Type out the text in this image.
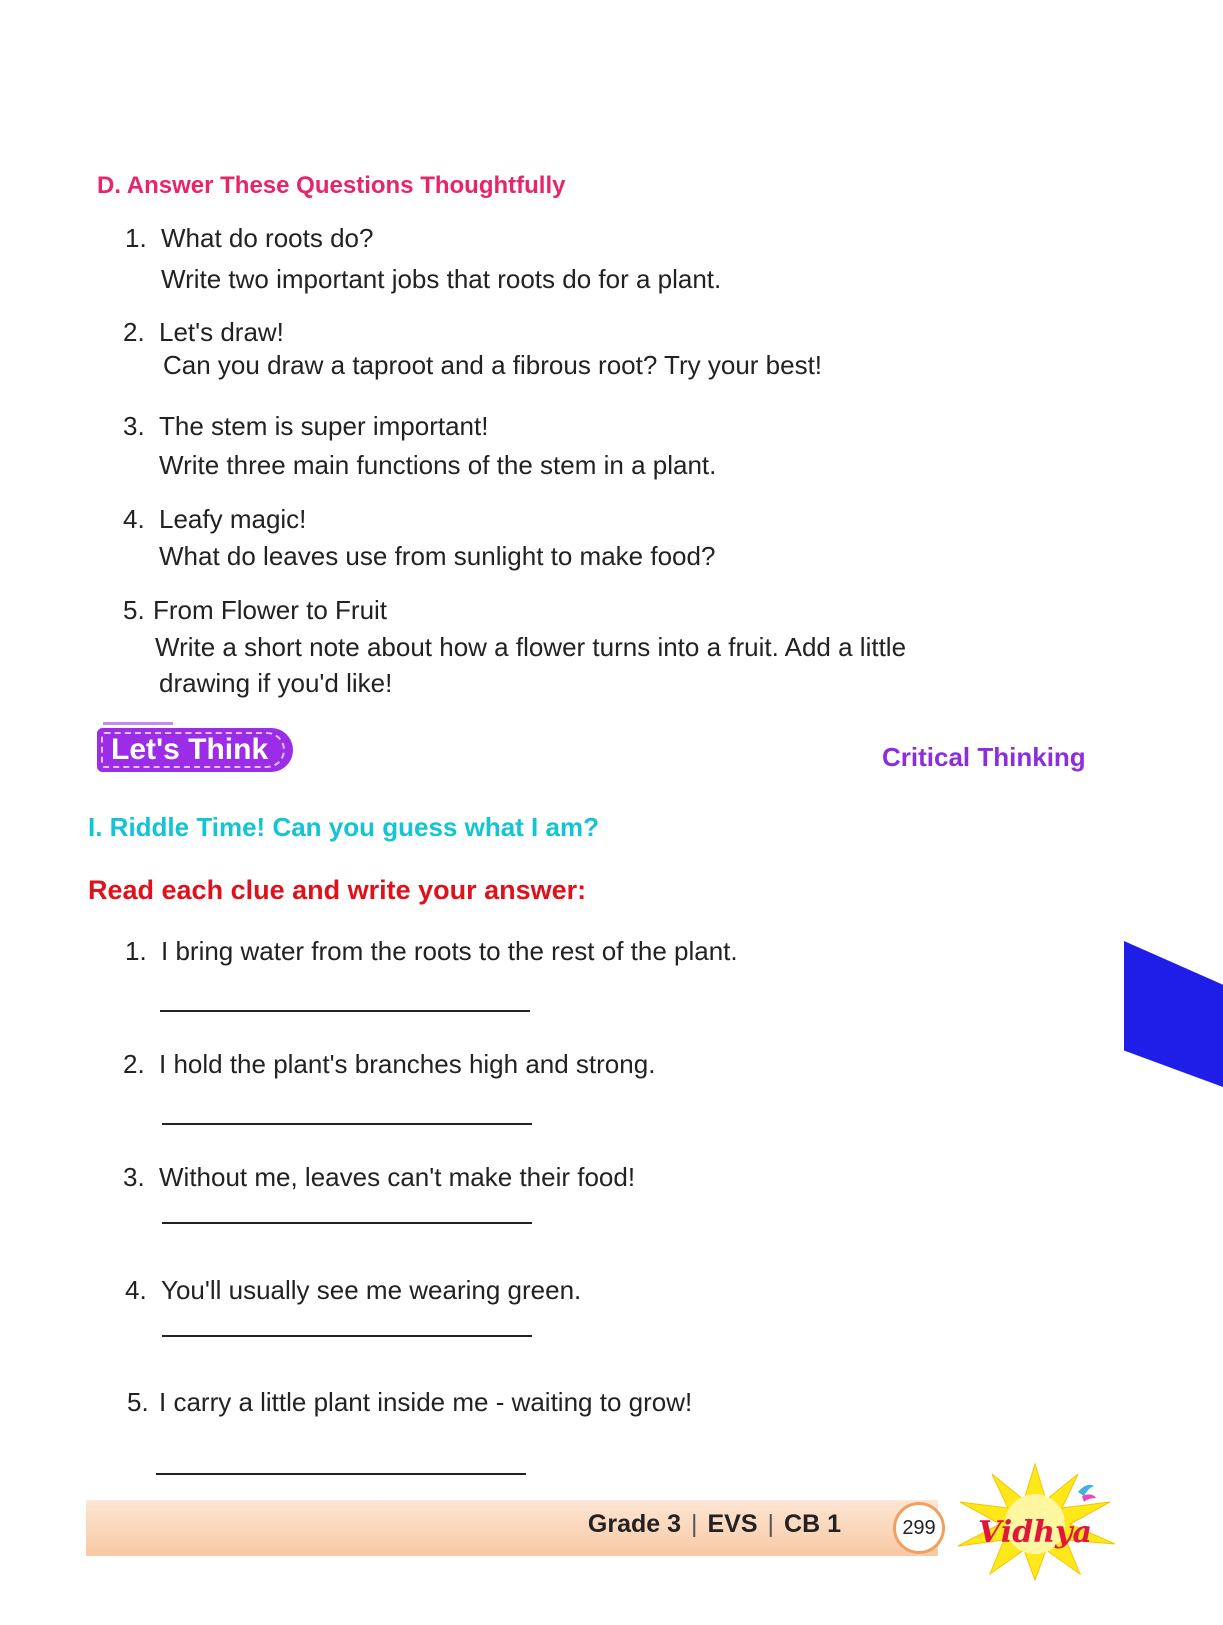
D. Answer These Questions Thoughtfully
1. What do roots do?
Write two important jobs that roots do for a plant.
2. Let's draw!
Can you draw a taproot and a fibrous root? Try your best!
3. The stem is super important!
Write three main functions of the stem in a plant.
4. Leafy magic!
What do leaves use from sunlight to make food?
5. From Flower to Fruit
Write a short note about how a flower turns into a fruit. Add a little
drawing if you'd like!
Let's Think	Critical Thinking
I. Riddle Time! Can you guess what I am?
Read each clue and write your answer:
1. I bring water from the roots to the rest of the plant.
2. I hold the plant's branches high and strong.
3. Without me, leaves can't make their food!
4. You'll usually see me wearing green.
5. I carry a little plant inside me - waiting to grow!
Grade 3 | EVS | CB 1	299	Vidhya
